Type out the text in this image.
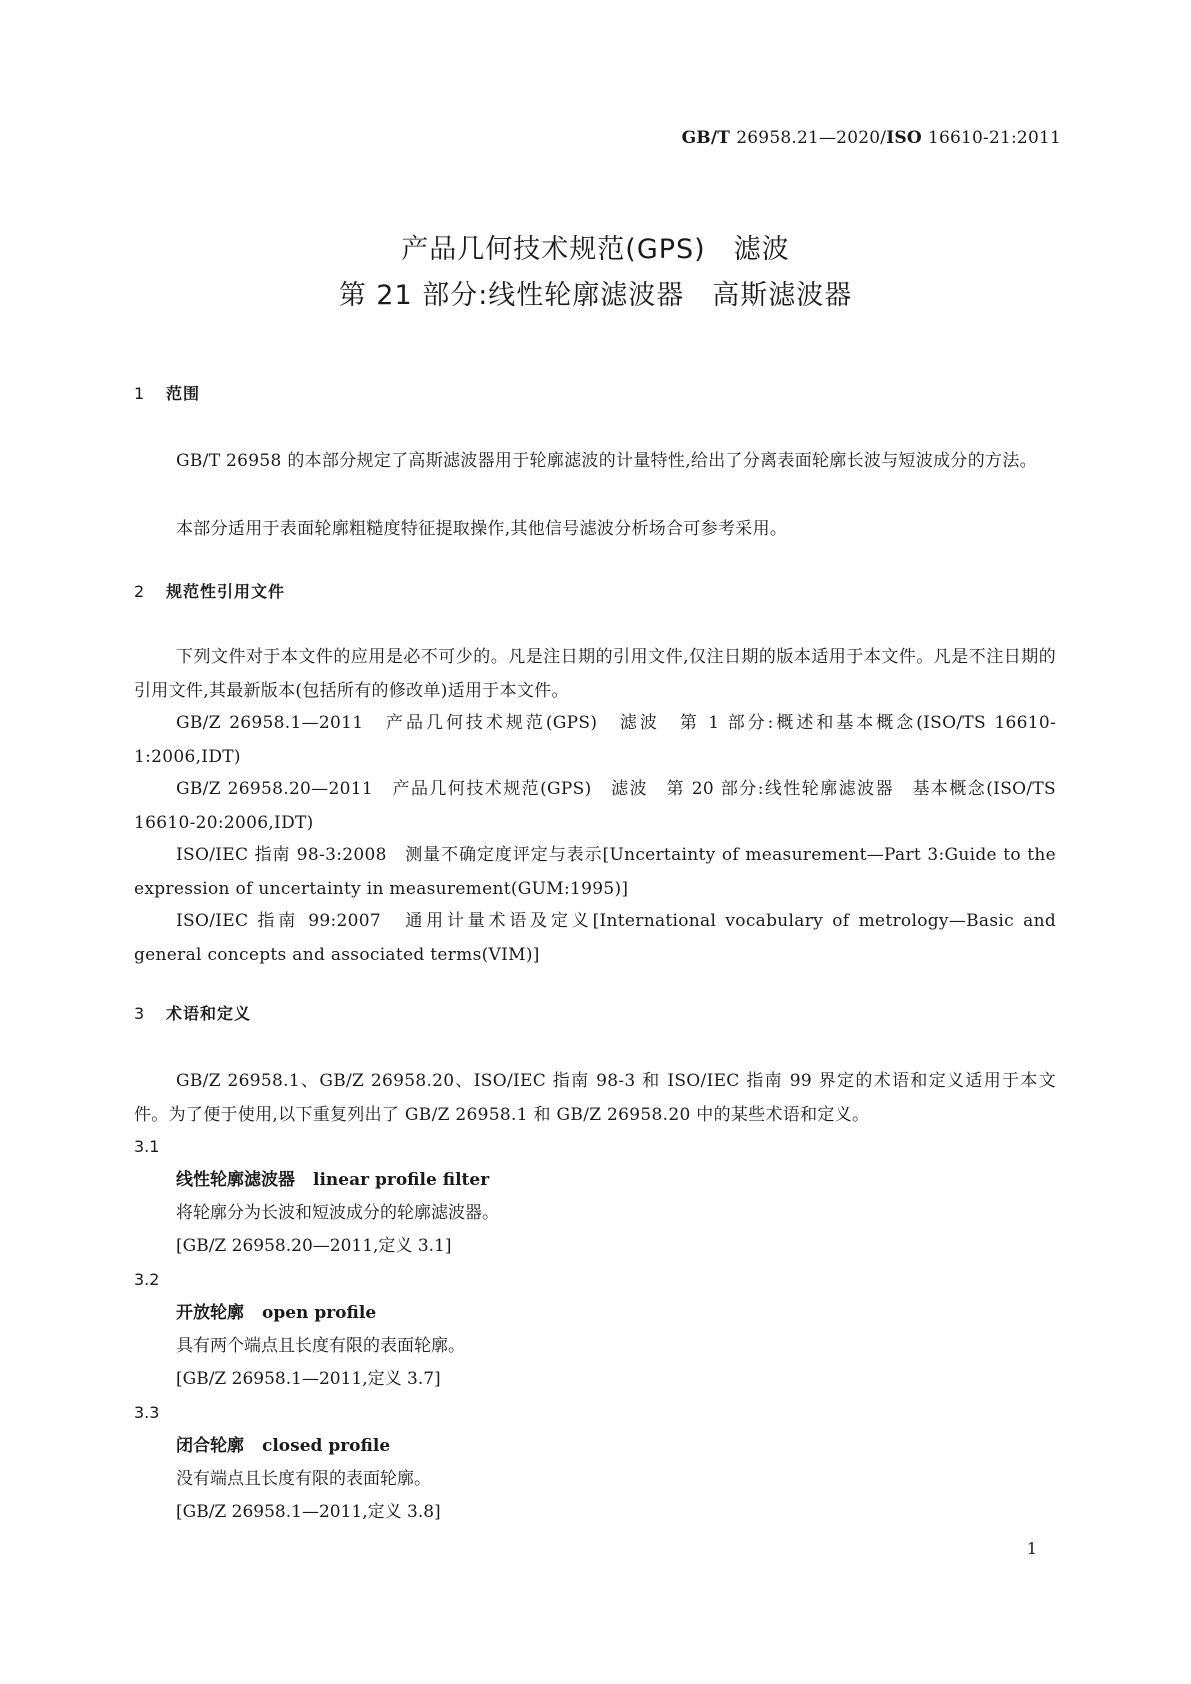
GB/T 26958.21—2020/ISO 16610-21:2011
产品几何技术规范(GPS)　滤波
第 21 部分:线性轮廓滤波器　高斯滤波器
1 范围
GB/T 26958 的本部分规定了高斯滤波器用于轮廓滤波的计量特性,给出了分离表面轮廓长波与短波成分的方法。
本部分适用于表面轮廓粗糙度特征提取操作,其他信号滤波分析场合可参考采用。
2 规范性引用文件
下列文件对于本文件的应用是必不可少的。凡是注日期的引用文件,仅注日期的版本适用于本文件。凡是不注日期的引用文件,其最新版本(包括所有的修改单)适用于本文件。
GB/Z 26958.1—2011　产品几何技术规范(GPS)　滤波　第 1 部分:概述和基本概念(ISO/TS 16610-1:2006,IDT)
GB/Z 26958.20—2011　产品几何技术规范(GPS)　滤波　第 20 部分:线性轮廓滤波器　基本概念(ISO/TS 16610-20:2006,IDT)
ISO/IEC 指南 98-3:2008　测量不确定度评定与表示[Uncertainty of measurement—Part 3:Guide to the expression of uncertainty in measurement(GUM:1995)]
ISO/IEC 指南 99:2007　通用计量术语及定义[International vocabulary of metrology—Basic and general concepts and associated terms(VIM)]
3 术语和定义
GB/Z 26958.1、GB/Z 26958.20、ISO/IEC 指南 98-3 和 ISO/IEC 指南 99 界定的术语和定义适用于本文件。为了便于使用,以下重复列出了 GB/Z 26958.1 和 GB/Z 26958.20 中的某些术语和定义。
3.1
线性轮廓滤波器 linear profile filter
将轮廓分为长波和短波成分的轮廓滤波器。
[GB/Z 26958.20—2011,定义 3.1]
3.2
开放轮廓 open profile
具有两个端点且长度有限的表面轮廓。
[GB/Z 26958.1—2011,定义 3.7]
3.3
闭合轮廓 closed profile
没有端点且长度有限的表面轮廓。
[GB/Z 26958.1—2011,定义 3.8]
1
